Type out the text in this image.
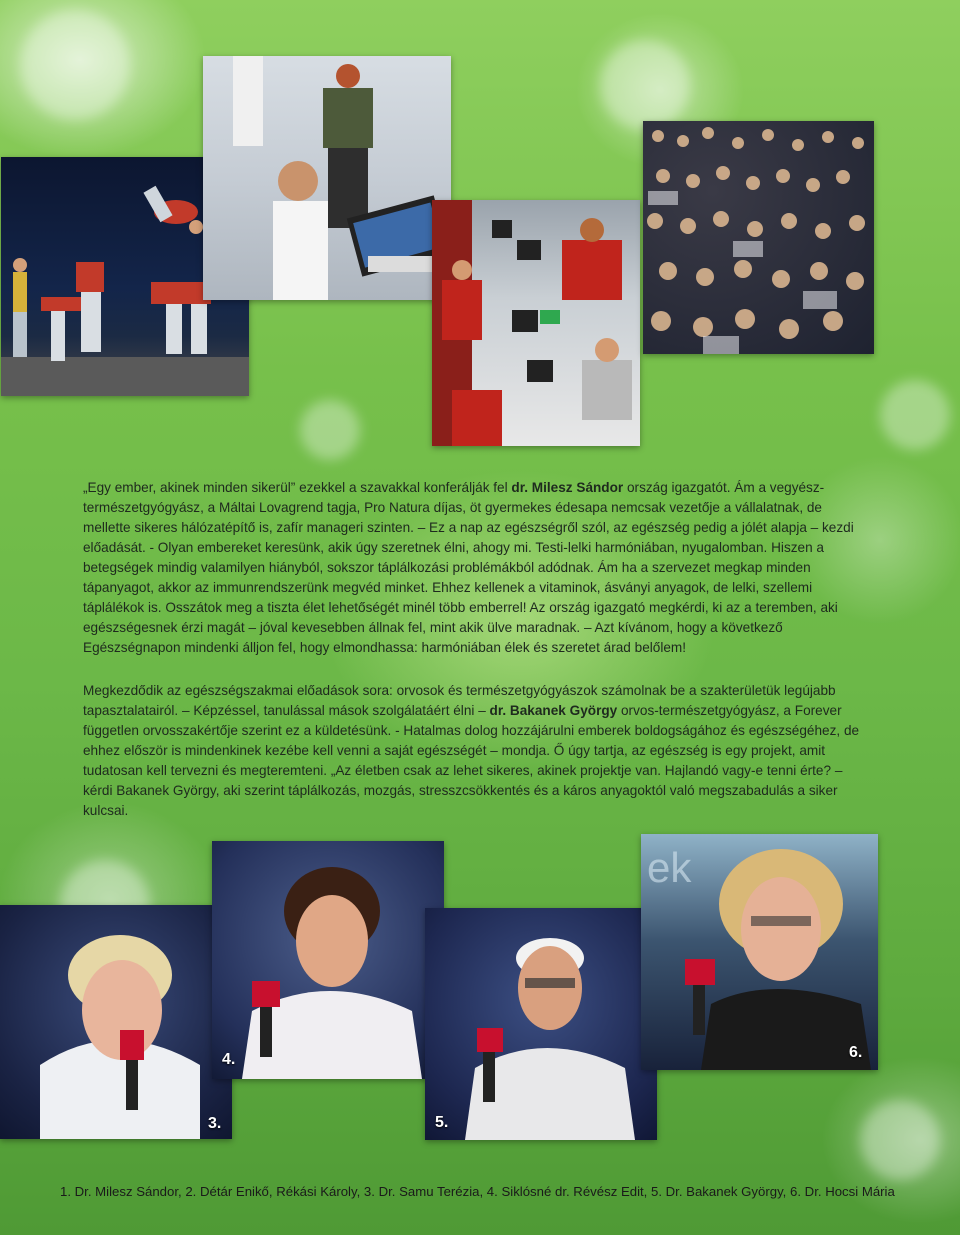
„Egy ember, akinek minden sikerül” ezekkel a szavakkal konferálják fel dr. Milesz Sándor ország igazgatót. Ám a vegyész-természetgyógyász, a Máltai Lovagrend tagja, Pro Natura díjas, öt gyermekes édesapa nemcsak vezetője a vállalatnak, de mellette sikeres hálózatépítő is, zafír manageri szinten. – Ez a nap az egészségről szól, az egészség pedig a jólét alapja – kezdi előadását. - Olyan embereket keresünk, akik úgy szeretnek élni, ahogy mi. Testi-lelki harmóniában, nyugalomban. Hiszen a betegségek mindig valamilyen hiányból, sokszor táplálkozási problémákból adódnak. Ám ha a szervezet megkap minden tápanyagot, akkor az immunrendszerünk megvéd minket. Ehhez kellenek a vitaminok, ásványi anyagok, de lelki, szellemi táplálékok is. Osszátok meg a tiszta élet lehetőségét minél több emberrel! Az ország igazgató megkérdi, ki az a teremben, aki egészségesnek érzi magát – jóval kevesebben állnak fel, mint akik ülve maradnak. – Azt kívánom, hogy a következő Egészségnapon mindenki álljon fel, hogy elmondhassa: harmóniában élek és szeretet árad belőlem!

Megkezdődik az egészségszakmai előadások sora: orvosok és természetgyógyászok számolnak be a szakterületük legújabb tapasztalatairól. – Képzéssel, tanulással mások szolgálatáért élni – dr. Bakanek György orvos-természetgyógyász, a Forever független orvosszakértője szerint ez a küldetésünk. - Hatalmas dolog hozzájárulni emberek boldogságához és egészségéhez, de ehhez először is mindenkinek kezébe kell venni a saját egészségét – mondja. Ő úgy tartja, az egészség is egy projekt, amit tudatosan kell tervezni és megteremteni. „Az életben csak az lehet sikeres, akinek projektje van. Hajlandó vagy-e tenni érte? – kérdi Bakanek György, aki szerint táplálkozás, mozgás, stresszcsökkentés és a káros anyagoktól való megszabadulás a siker kulcsai.

3.
4.
5.
ek
6.
1. Dr. Milesz Sándor, 2. Détár Enikő, Rékási Károly, 3. Dr. Samu Terézia, 4. Siklósné dr. Révész Edit, 5. Dr. Bakanek György, 6. Dr. Hocsi Mária
